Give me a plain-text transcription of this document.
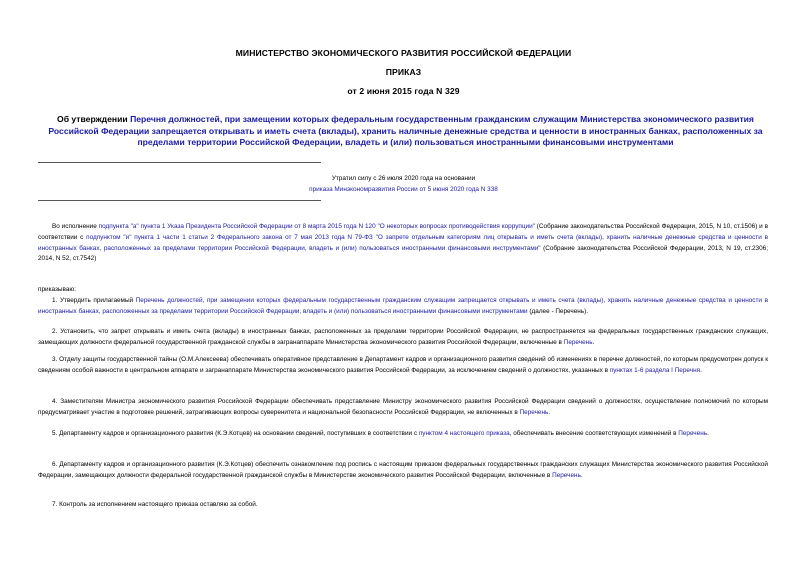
МИНИСТЕРСТВО ЭКОНОМИЧЕСКОГО РАЗВИТИЯ РОССИЙСКОЙ ФЕДЕРАЦИИ
ПРИКАЗ
от 2 июня 2015 года N 329
Об утверждении Перечня должностей, при замещении которых федеральным государственным гражданским служащим Министерства экономического развития Российской Федерации запрещается открывать и иметь счета (вклады), хранить наличные денежные средства и ценности в иностранных банках, расположенных за пределами территории Российской Федерации, владеть и (или) пользоваться иностранными финансовыми инструментами
Утратил силу с 26 июля 2020 года на основании
приказа Минэкономразвития России от 5 июня 2020 года N 338

Во исполнение подпункта "а" пункта 1 Указа Президента Российской Федерации от 8 марта 2015 года N 120 "О некоторых вопросах противодействия коррупции" (Собрание законодательства Российской Федерации, 2015, N 10, ст.1506) и в соответствии с подпунктом "и" пункта 1 части 1 статьи 2 Федерального закона от 7 мая 2013 года N 79-ФЗ "О запрете отдельным категориям лиц открывать и иметь счета (вклады), хранить наличные денежные средства и ценности в иностранных банках, расположенных за пределами территории Российской Федерации, владеть и (или) пользоваться иностранными финансовыми инструментами" (Собрание законодательства Российской Федерации, 2013, N 19, ст.2306; 2014, N 52, ст.7542)

приказываю:

1. Утвердить прилагаемый Перечень должностей, при замещении которых федеральным государственным гражданским служащим запрещается открывать и иметь счета (вклады), хранить наличные денежные средства и ценности в иностранных банках, расположенных за пределами территории Российской Федерации, владеть и (или) пользоваться иностранными финансовыми инструментами (далее - Перечень).

2. Установить, что запрет открывать и иметь счета (вклады) в иностранных банках, расположенных за пределами территории Российской Федерации, не распространяется на федеральных государственных гражданских служащих, замещающих должности федеральной государственной гражданской службы в загранаппарате Министерства экономического развития Российской Федерации, включенные в Перечень.

3. Отделу защиты государственной тайны (О.М.Алексеева) обеспечивать оперативное представление в Департамент кадров и организационного развития сведений об изменениях в перечне должностей, по которым предусмотрен допуск к сведениям особой важности в центральном аппарате и загранаппарате Министерства экономического развития Российской Федерации, за исключением сведений о должностях, указанных в пунктах 1-6 раздела I Перечня.

4. Заместителям Министра экономического развития Российской Федерации обеспечивать представление Министру экономического развития Российской Федерации сведений о должностях, осуществление полномочий по которым предусматривает участие в подготовке решений, затрагивающих вопросы суверенитета и национальной безопасности Российской Федерации, не включенных в Перечень.

5. Департаменту кадров и организационного развития (К.Э.Котцев) на основании сведений, поступивших в соответствии с пунктом 4 настоящего приказа, обеспечивать внесение соответствующих изменений в Перечень.

6. Департаменту кадров и организационного развития (К.Э.Котцев) обеспечить ознакомление под роспись с настоящим приказом федеральных государственных гражданских служащих Министерства экономического развития Российской Федерации, замещающих должности федеральной государственной гражданской службы в Министерстве экономического развития Российской Федерации, включенные в Перечень.

7. Контроль за исполнением настоящего приказа оставляю за собой.
